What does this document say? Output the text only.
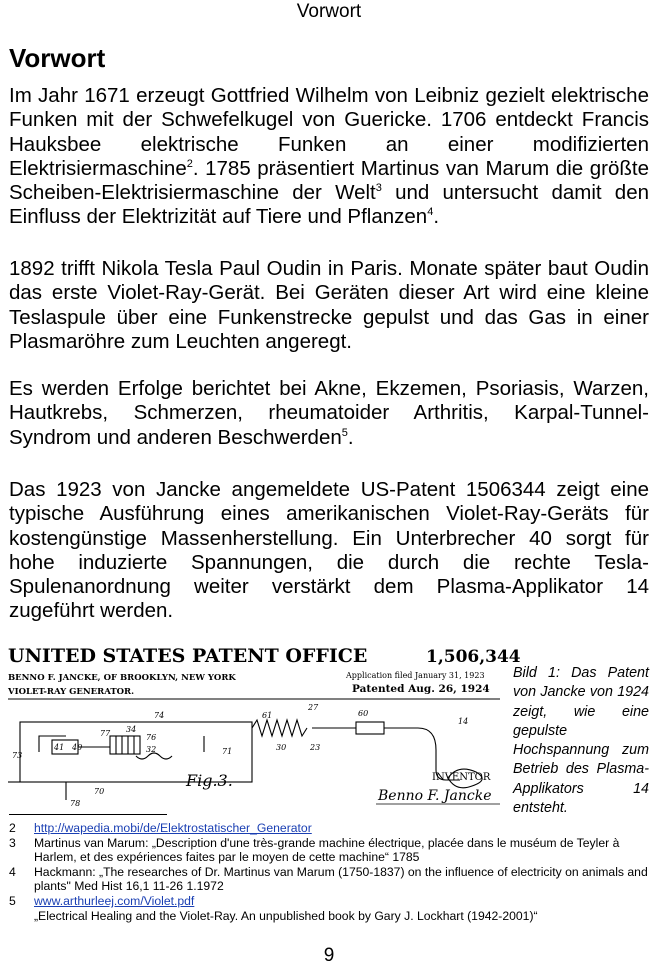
Vorwort
Vorwort

Im Jahr 1671 erzeugt Gottfried Wilhelm von Leibniz gezielt elektrische Funken mit der Schwefelkugel von Guericke. 1706 entdeckt Francis Hauksbee elektrische Funken an einer modifizierten Elektrisiermaschine$^2$. 1785 präsentiert Martinus van Marum die größte Scheiben-Elektrisiermaschine der Welt$^3$ und untersucht damit den Einfluss der Elektrizität auf Tiere und Pflanzen$^4$.

1892 trifft Nikola Tesla Paul Oudin in Paris. Monate später baut Oudin das erste Violet-Ray-Gerät. Bei Geräten dieser Art wird eine kleine Teslaspule über eine Funkenstrecke gepulst und das Gas in einer Plasmaröhre zum Leuchten angeregt.

Es werden Erfolge berichtet bei Akne, Ekzemen, Psoriasis, Warzen, Hautkrebs, Schmerzen, rheumatoider Arthritis, Karpal-Tunnel-Syndrom und anderen Beschwerden$^5$.

Das 1923 von Jancke angemeldete US-Patent 1506344 zeigt eine typische Ausführung eines amerikanischen Violet-Ray-Geräts für kostengünstige Massenherstellung. Ein Unterbrecher 40 sorgt für hohe induzierte Spannungen, die durch die rechte Tesla-Spulenanordnung weiter verstärkt dem Plasma-Applikator 14 zugeführt werden.

UNITED STATES PATENT OFFICE	1,506,344
BENNO F. JANCKE, OF BROOKLYN, NEW YORK
VIOLET-RAY GENERATOR.
Application filed January 31, 1923
Patented Aug. 26, 1924
74	61
27
60
14
77 34
76
32
41 40	30	23
71
73
70
78
Fig.3.	INVENTOR
Benno F. Jancke
Bild 1: Das Patent von Jancke von 1924 zeigt, wie eine gepulste Hochspannung zum Betrieb des Plasma-Applikators 14 entsteht.

2 http://wapedia.mobi/de/Elektrostatischer_Generator

3 Martinus van Marum: „Description d'une très-grande machine électrique, placée dans le muséum de Teyler à Harlem, et des expériences faites par le moyen de cette machine“ 1785

4 Hackmann: „The researches of Dr. Martinus van Marum (1750-1837) on the influence of electricity on animals and plants" Med Hist 16,1 11-26 1.1972

5 www.arthurleej.com/Violet.pdf
„Electrical Healing and the Violet-Ray. An unpublished book by Gary J. Lockhart (1942-2001)“

9
